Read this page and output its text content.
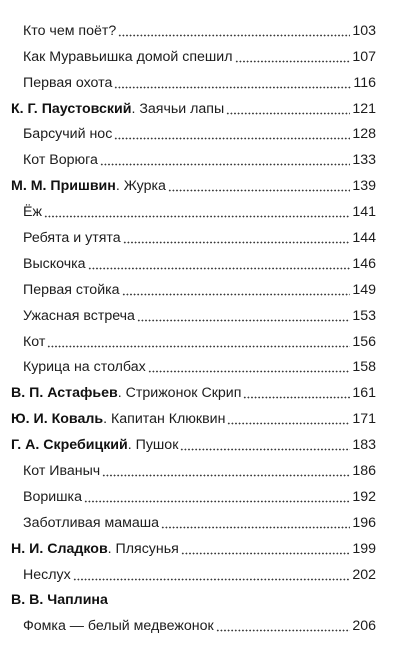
Кто чем поёт?	103
Как Муравьишка домой спешил	107
Первая охота	116
К. Г. Паустовский. Заячьи лапы	121
Барсучий нос	128
Кот Ворюга	133
М. М. Пришвин. Журка	139
Ёж	141
Ребята и утята	144
Выскочка	146
Первая стойка	149
Ужасная встреча	153
Кот	156
Курица на столбах	158
В. П. Астафьев. Стрижонок Скрип	161
Ю. И. Коваль. Капитан Клюквин	171
Г. А. Скребицкий. Пушок	183
Кот Иваныч	186
Воришка	192
Заботливая мамаша	196
Н. И. Сладков. Плясунья	199
Неслух	202
В. В. Чаплина
Фомка — белый медвежонок	206
